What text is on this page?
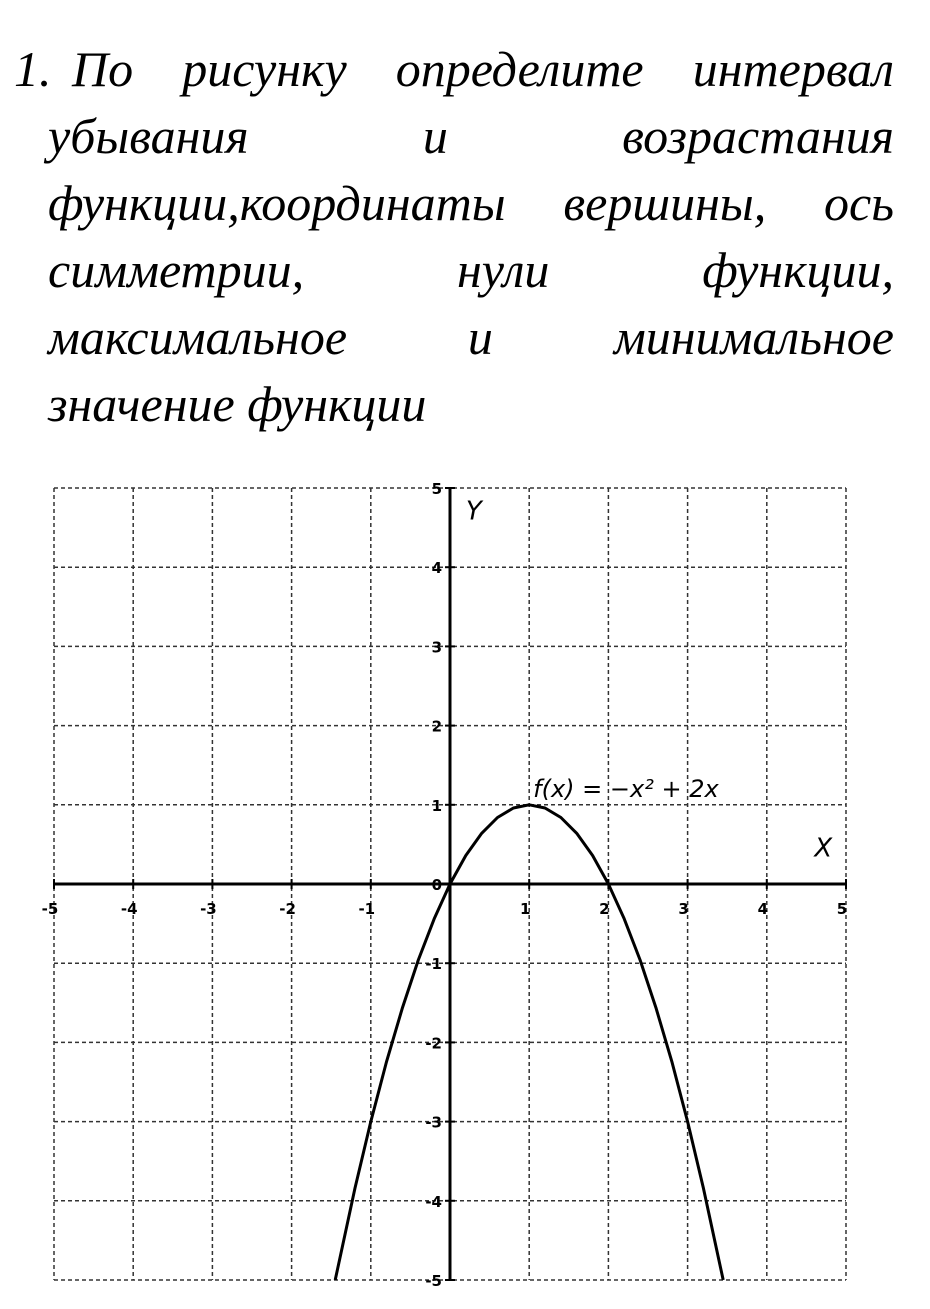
1. По рисунку определите интервал
убывания и возрастания
функции,координаты вершины, ось
симметрии, нули функции,
максимальное и минимальное
значение функции
-5	-4	-3	-2	-1	1	2	3	4	5
-5
-4
-3
-2
-1
0
1
2
3
4
5
X
Y
f(x) = −x² + 2x
